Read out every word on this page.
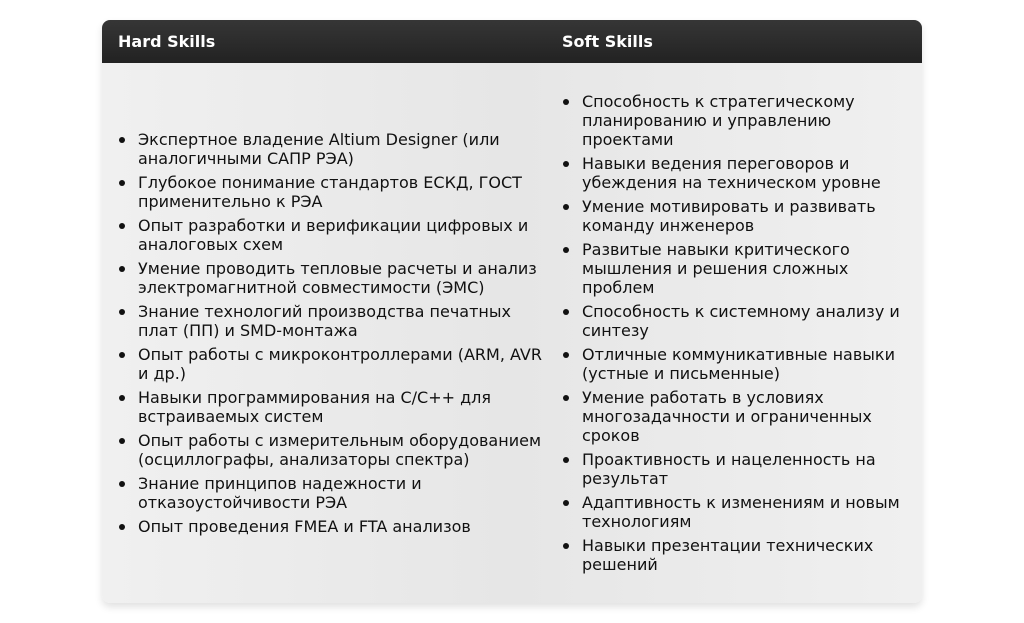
Hard Skills	Soft Skills
Экспертное владение Altium Designer (или аналогичными САПР РЭА)
Глубокое понимание стандартов ЕСКД, ГОСТ применительно к РЭА
Опыт разработки и верификации цифровых и аналоговых схем
Умение проводить тепловые расчеты и анализ электромагнитной совместимости (ЭМС)
Знание технологий производства печатных плат (ПП) и SMD-монтажа
Опыт работы с микроконтроллерами (ARM, AVR и др.)
Навыки программирования на C/C++ для встраиваемых систем
Опыт работы с измерительным оборудованием (осциллографы, анализаторы спектра)
Знание принципов надежности и отказоустойчивости РЭА
Опыт проведения FMEA и FTA анализов
Способность к стратегическому планированию и управлению проектами
Навыки ведения переговоров и убеждения на техническом уровне
Умение мотивировать и развивать команду инженеров
Развитые навыки критического мышления и решения сложных проблем
Способность к системному анализу и синтезу
Отличные коммуникативные навыки (устные и письменные)
Умение работать в условиях многозадачности и ограниченных сроков
Проактивность и нацеленность на результат
Адаптивность к изменениям и новым технологиям
Навыки презентации технических решений
